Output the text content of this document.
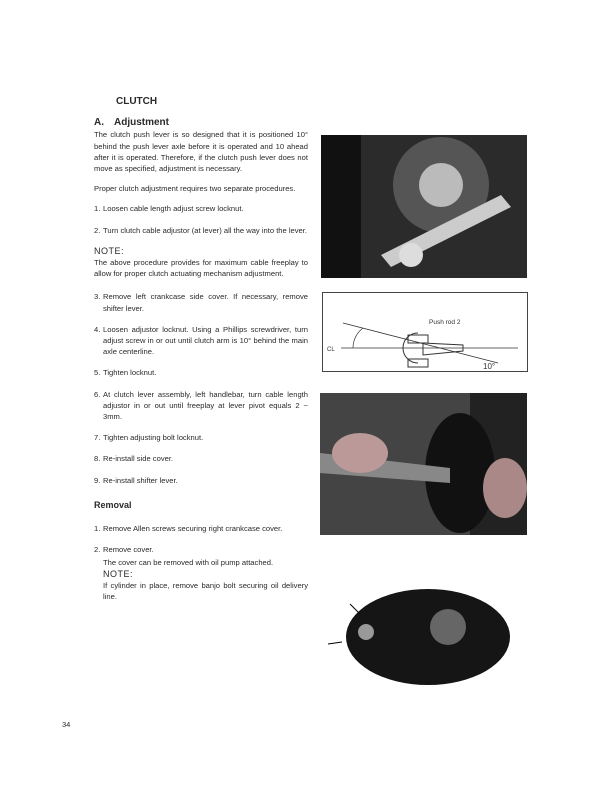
CLUTCH
A. Adjustment

The clutch push lever is so designed that it is positioned 10° behind the push lever axle before it is operated and 10 ahead after it is operated. Therefore, if the clutch push lever does not move as specified, adjustment is necessary.

Proper clutch adjustment requires two separate procedures.

1. Loosen cable length adjust screw locknut.
2. Turn clutch cable adjustor (at lever) all the way into the lever.
NOTE:

The above procedure provides for maximum cable freeplay to allow for proper clutch actuating mechanism adjustment.

3. Remove left crankcase side cover. If necessary, remove shifter lever.
4. Loosen adjustor locknut. Using a Phillips screwdriver, turn adjust screw in or out until clutch arm is 10° behind the main axle centerline.
5. Tighten locknut.
6. At clutch lever assembly, left handlebar, turn cable length adjustor in or out until freeplay at lever pivot equals 2 ~ 3mm.
7. Tighten adjusting bolt locknut.
8. Re-install side cover.
9. Re-install shifter lever.
Removal
1. Remove Allen screws securing right crankcase cover.
2. Remove cover.
The cover can be removed with oil pump attached.
NOTE:

If cylinder in place, remove banjo bolt securing oil delivery line.

Push rod 2
10°
CL
34
